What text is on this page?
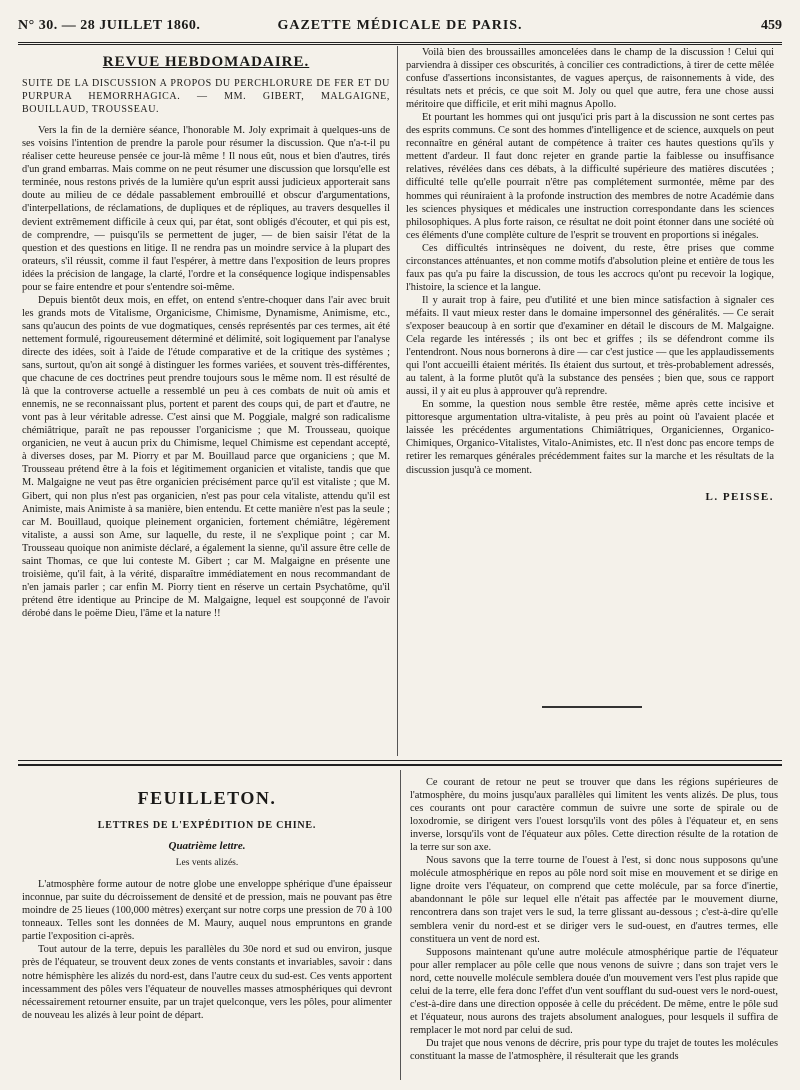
N° 30. — 28 JUILLET 1860.	GAZETTE MÉDICALE DE PARIS.	459
REVUE HEBDOMADAIRE.
SUITE DE LA DISCUSSION A PROPOS DU PERCHLORURE DE FER ET DU PURPURA HEMORRHAGICA. — MM. GIBERT, MALGAIGNE, BOUILLAUD, TROUSSEAU.

Vers la fin de la dernière séance, l'honorable M. Joly exprimait à quelques-uns de ses voisins l'intention de prendre la parole pour résumer la discussion. Que n'a-t-il pu réaliser cette heureuse pensée ce jour-là même ! Il nous eût, nous et bien d'autres, tirés d'un grand embarras. Mais comme on ne peut résumer une discussion que lorsqu'elle est terminée, nous restons privés de la lumière qu'un esprit aussi judicieux apporterait sans doute au milieu de ce dédale passablement embrouillé et obscur d'argumentations, d'interpellations, de réclamations, de dupliques et de répliques, au travers desquelles il devient extrêmement difficile à ceux qui, par état, sont obligés d'écouter, et qui pis est, de comprendre, — puisqu'ils se permettent de juger, — de bien saisir l'état de la question et des questions en litige. Il ne rendra pas un moindre service à la plupart des orateurs, s'il réussit, comme il faut l'espérer, à mettre dans l'exposition de leurs propres idées la précision de langage, la clarté, l'ordre et la conséquence logique indispensables pour se faire entendre et pour s'entendre soi-même.

Depuis bientôt deux mois, en effet, on entend s'entre-choquer dans l'air avec bruit les grands mots de Vitalisme, Organicisme, Chimisme, Dynamisme, Animisme, etc., sans qu'aucun des points de vue dogmatiques, censés représentés par ces termes, ait été nettement formulé, rigoureusement déterminé et délimité, soit logiquement par l'analyse directe des idées, soit à l'aide de l'étude comparative et de la critique des systèmes ; sans, surtout, qu'on ait songé à distinguer les formes variées, et souvent très-différentes, que chacune de ces doctrines peut prendre toujours sous le même nom. Il est résulté de là que la controverse actuelle a ressemblé un peu à ces combats de nuit où amis et ennemis, ne se reconnaissant plus, portent et parent des coups qui, de part et d'autre, ne vont pas à leur véritable adresse. C'est ainsi que M. Poggiale, malgré son radicalisme chémiâtrique, paraît ne pas repousser l'organicisme ; que M. Trousseau, quoique organicien, ne veut à aucun prix du Chimisme, lequel Chimisme est cependant accepté, à diverses doses, par M. Piorry et par M. Bouillaud parce que organiciens ; que M. Trousseau prétend être à la fois et légitimement organicien et vitaliste, tandis que que M. Malgaigne ne veut pas être organicien précisément parce qu'il est vitaliste ; que M. Gibert, qui non plus n'est pas organicien, n'est pas pour cela vitaliste, attendu qu'il est Animiste, mais Animiste à sa manière, bien entendu. Et cette manière n'est pas la seule ; car M. Bouillaud, quoique pleinement organicien, fortement chémiâtre, légèrement vitaliste, a aussi son Ame, sur laquelle, du reste, il ne s'explique point ; car M. Trousseau quoique non animiste déclaré, a également la sienne, qu'il assure être celle de saint Thomas, ce que lui conteste M. Gibert ; car M. Malgaigne en présente une troisième, qu'il fait, à la vérité, disparaître immédiatement en nous recommandant de n'en jamais parler ; car enfin M. Piorry tient en réserve un certain Psychatôme, qu'il prétend être identique au Principe de M. Malgaigne, lequel est soupçonné de l'avoir dérobé dans le poëme Dieu, l'âme et la nature !!

Voilà bien des broussailles amoncelées dans le champ de la discussion ! Celui qui parviendra à dissiper ces obscurités, à concilier ces contradictions, à tirer de cette mêlée confuse d'assertions inconsistantes, de vagues aperçus, de raisonnements à vide, des résultats nets et précis, ce que soit M. Joly ou quel que autre, fera une chose aussi méritoire que difficile, et erit mihi magnus Apollo.

Et pourtant les hommes qui ont jusqu'ici pris part à la discussion ne sont certes pas des esprits communs. Ce sont des hommes d'intelligence et de science, auxquels on peut reconnaître en général autant de compétence à traiter ces hautes questions qu'ils y mettent d'ardeur. Il faut donc rejeter en grande partie la faiblesse ou insuffisance relatives, révélées dans ces débats, à la difficulté supérieure des matières discutées ; difficulté telle qu'elle pourrait n'être pas complétement surmontée, même par des hommes qui réuniraient à la profonde instruction des membres de notre Académie dans les sciences physiques et médicales une instruction correspondante dans les sciences philosophiques. A plus forte raison, ce résultat ne doit point étonner dans une société où ces éléments d'une complète culture de l'esprit se trouvent en proportions si inégales.

Ces difficultés intrinsèques ne doivent, du reste, être prises que comme circonstances atténuantes, et non comme motifs d'absolution pleine et entière de tous les faux pas qu'a pu faire la discussion, de tous les accrocs qu'ont pu recevoir la logique, l'histoire, la science et la langue.

Il y aurait trop à faire, peu d'utilité et une bien mince satisfaction à signaler ces méfaits. Il vaut mieux rester dans le domaine impersonnel des généralités. — Ce serait s'exposer beaucoup à en sortir que d'examiner en détail le discours de M. Malgaigne. Cela regarde les intéressés ; ils ont bec et griffes ; ils se défendront comme ils l'entendront. Nous nous bornerons à dire — car c'est justice — que les applaudissements qui l'ont accueilli étaient mérités. Ils étaient dus surtout, et très-probablement adressés, au talent, à la forme plutôt qu'à la substance des pensées ; bien que, sous ce rapport aussi, il y ait eu plus à approuver qu'à reprendre.

En somme, la question nous semble être restée, même après cette incisive et pittoresque argumentation ultra-vitaliste, à peu près au point où l'avaient placée et laissée les précédentes argumentations Chimiâtriques, Organiciennes, Organico-Chimiques, Organico-Vitalistes, Vitalo-Animistes, etc. Il n'est donc pas encore temps de retirer les remarques générales précédemment faites sur la marche et les résultats de la discussion jusqu'à ce moment.

L. PEISSE.
FEUILLETON.
LETTRES DE L'EXPÉDITION DE CHINE.
Quatrième lettre.
Les vents alizés.

L'atmosphère forme autour de notre globe une enveloppe sphérique d'une épaisseur inconnue, par suite du décroissement de densité et de pression, mais ne pouvant pas être moindre de 25 lieues (100,000 mètres) exerçant sur notre corps une pression de 70 à 100 tonneaux. Telles sont les données de M. Maury, auquel nous empruntons en grande partie l'exposition ci-après.

Tout autour de la terre, depuis les parallèles du 30e nord et sud ou environ, jusque près de l'équateur, se trouvent deux zones de vents constants et invariables, savoir : dans notre hémisphère les alizés du nord-est, dans l'autre ceux du sud-est. Ces vents apportent incessamment des pôles vers l'équateur de nouvelles masses atmosphériques qui devront nécessairement retourner ensuite, par un trajet quelconque, vers les pôles, pour alimenter de nouveau les alizés à leur point de départ.

Ce courant de retour ne peut se trouver que dans les régions supérieures de l'atmosphère, du moins jusqu'aux parallèles qui limitent les vents alizés. De plus, tous ces courants ont pour caractère commun de suivre une sorte de spirale ou de loxodromie, se dirigent vers l'ouest lorsqu'ils vont des pôles à l'équateur et, en sens inverse, lorsqu'ils vont de l'équateur aux pôles. Cette direction résulte de la rotation de la terre sur son axe.

Nous savons que la terre tourne de l'ouest à l'est, si donc nous supposons qu'une molécule atmosphérique en repos au pôle nord soit mise en mouvement et se dirige en ligne droite vers l'équateur, on comprend que cette molécule, par sa force d'inertie, abandonnant le pôle sur lequel elle n'était pas affectée par le mouvement diurne, rencontrera dans son trajet vers le sud, la terre glissant au-dessous ; c'est-à-dire qu'elle semblera venir du nord-est et se diriger vers le sud-ouest, en d'autres termes, elle constituera un vent de nord est.

Supposons maintenant qu'une autre molécule atmosphérique partie de l'équateur pour aller remplacer au pôle celle que nous venons de suivre ; dans son trajet vers le nord, cette nouvelle molécule semblera douée d'un mouvement vers l'est plus rapide que celui de la terre, elle fera donc l'effet d'un vent soufflant du sud-ouest vers le nord-ouest, c'est-à-dire dans une direction opposée à celle du précédent. De même, entre le pôle sud et l'équateur, nous aurons des trajets absolument analogues, pour lesquels il suffira de remplacer le mot nord par celui de sud.

Du trajet que nous venons de décrire, pris pour type du trajet de toutes les molécules constituant la masse de l'atmosphère, il résulterait que les grands
